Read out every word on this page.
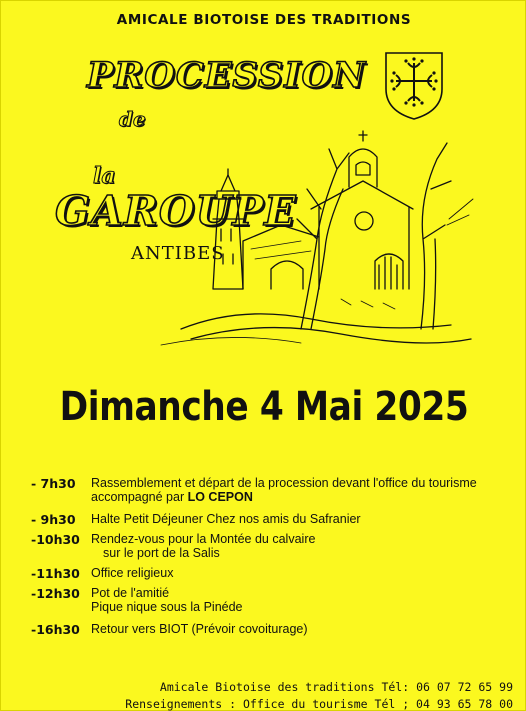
AMICALE BIOTOISE DES TRADITIONS
PROCESSION
de
la
GAROUPE
ANTIBES
Dimanche 4 Mai 2025
- 7h30	Rassemblement et départ de la procession devant l'office du tourisme
accompagné par LO CEPON
- 9h30	Halte Petit Déjeuner Chez nos amis du Safranier
-10h30 Rendez-vous pour la Montée du calvaire
sur le port de la Salis
-11h30 Office religieux
-12h30 Pot de l'amitié
Pique nique sous la Pinéde
-16h30 Retour vers BIOT (Prévoir covoiturage)
Amicale Biotoise des traditions Tél: 06 07 72 65 99
Renseignements : Office du tourisme Tél ; 04 93 65 78 00
